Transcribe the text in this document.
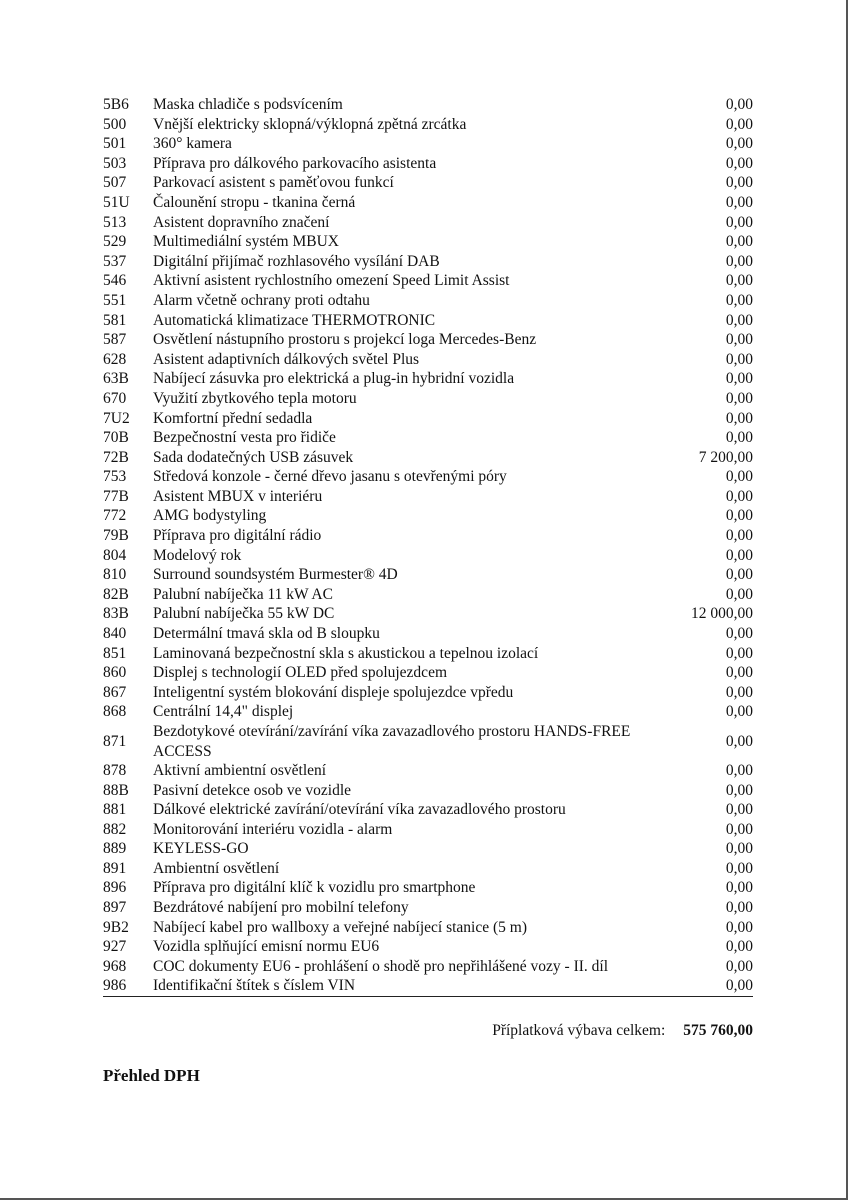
5B6	Maska chladiče s podsvícením	0,00
500	Vnější elektricky sklopná/výklopná zpětná zrcátka	0,00
501	360° kamera	0,00
503	Příprava pro dálkového parkovacího asistenta	0,00
507	Parkovací asistent s paměťovou funkcí	0,00
51U	Čalounění stropu - tkanina černá	0,00
513	Asistent dopravního značení	0,00
529	Multimediální systém MBUX	0,00
537	Digitální přijímač rozhlasového vysílání DAB	0,00
546	Aktivní asistent rychlostního omezení Speed Limit Assist	0,00
551	Alarm včetně ochrany proti odtahu	0,00
581	Automatická klimatizace THERMOTRONIC	0,00
587	Osvětlení nástupního prostoru s projekcí loga Mercedes-Benz	0,00
628	Asistent adaptivních dálkových světel Plus	0,00
63B	Nabíjecí zásuvka pro elektrická a plug-in hybridní vozidla	0,00
670	Využití zbytkového tepla motoru	0,00
7U2	Komfortní přední sedadla	0,00
70B	Bezpečnostní vesta pro řidiče	0,00
72B	Sada dodatečných USB zásuvek	7 200,00
753	Středová konzole - černé dřevo jasanu s otevřenými póry	0,00
77B	Asistent MBUX v interiéru	0,00
772	AMG bodystyling	0,00
79B	Příprava pro digitální rádio	0,00
804	Modelový rok	0,00
810	Surround soundsystém Burmester® 4D	0,00
82B	Palubní nabíječka 11 kW AC	0,00
83B	Palubní nabíječka 55 kW DC	12 000,00
840	Determální tmavá skla od B sloupku	0,00
851	Laminovaná bezpečnostní skla s akustickou a tepelnou izolací	0,00
860	Displej s technologií OLED před spolujezdcem	0,00
867	Inteligentní systém blokování displeje spolujezdce vpředu	0,00
868	Centrální 14,4" displej	0,00
871	Bezdotykové otevírání/zavírání víka zavazadlového prostoru HANDS-FREE ACCESS	0,00
878	Aktivní ambientní osvětlení	0,00
88B	Pasivní detekce osob ve vozidle	0,00
881	Dálkové elektrické zavírání/otevírání víka zavazadlového prostoru	0,00
882	Monitorování interiéru vozidla - alarm	0,00
889	KEYLESS-GO	0,00
891	Ambientní osvětlení	0,00
896	Příprava pro digitální klíč k vozidlu pro smartphone	0,00
897	Bezdrátové nabíjení pro mobilní telefony	0,00
9B2	Nabíjecí kabel pro wallboxy a veřejné nabíjecí stanice (5 m)	0,00
927	Vozidla splňující emisní normu EU6	0,00
968	COC dokumenty EU6 - prohlášení o shodě pro nepřihlášené vozy - II. díl	0,00
986	Identifikační štítek s číslem VIN	0,00
Příplatková výbava celkem: 575 760,00
Přehled DPH
